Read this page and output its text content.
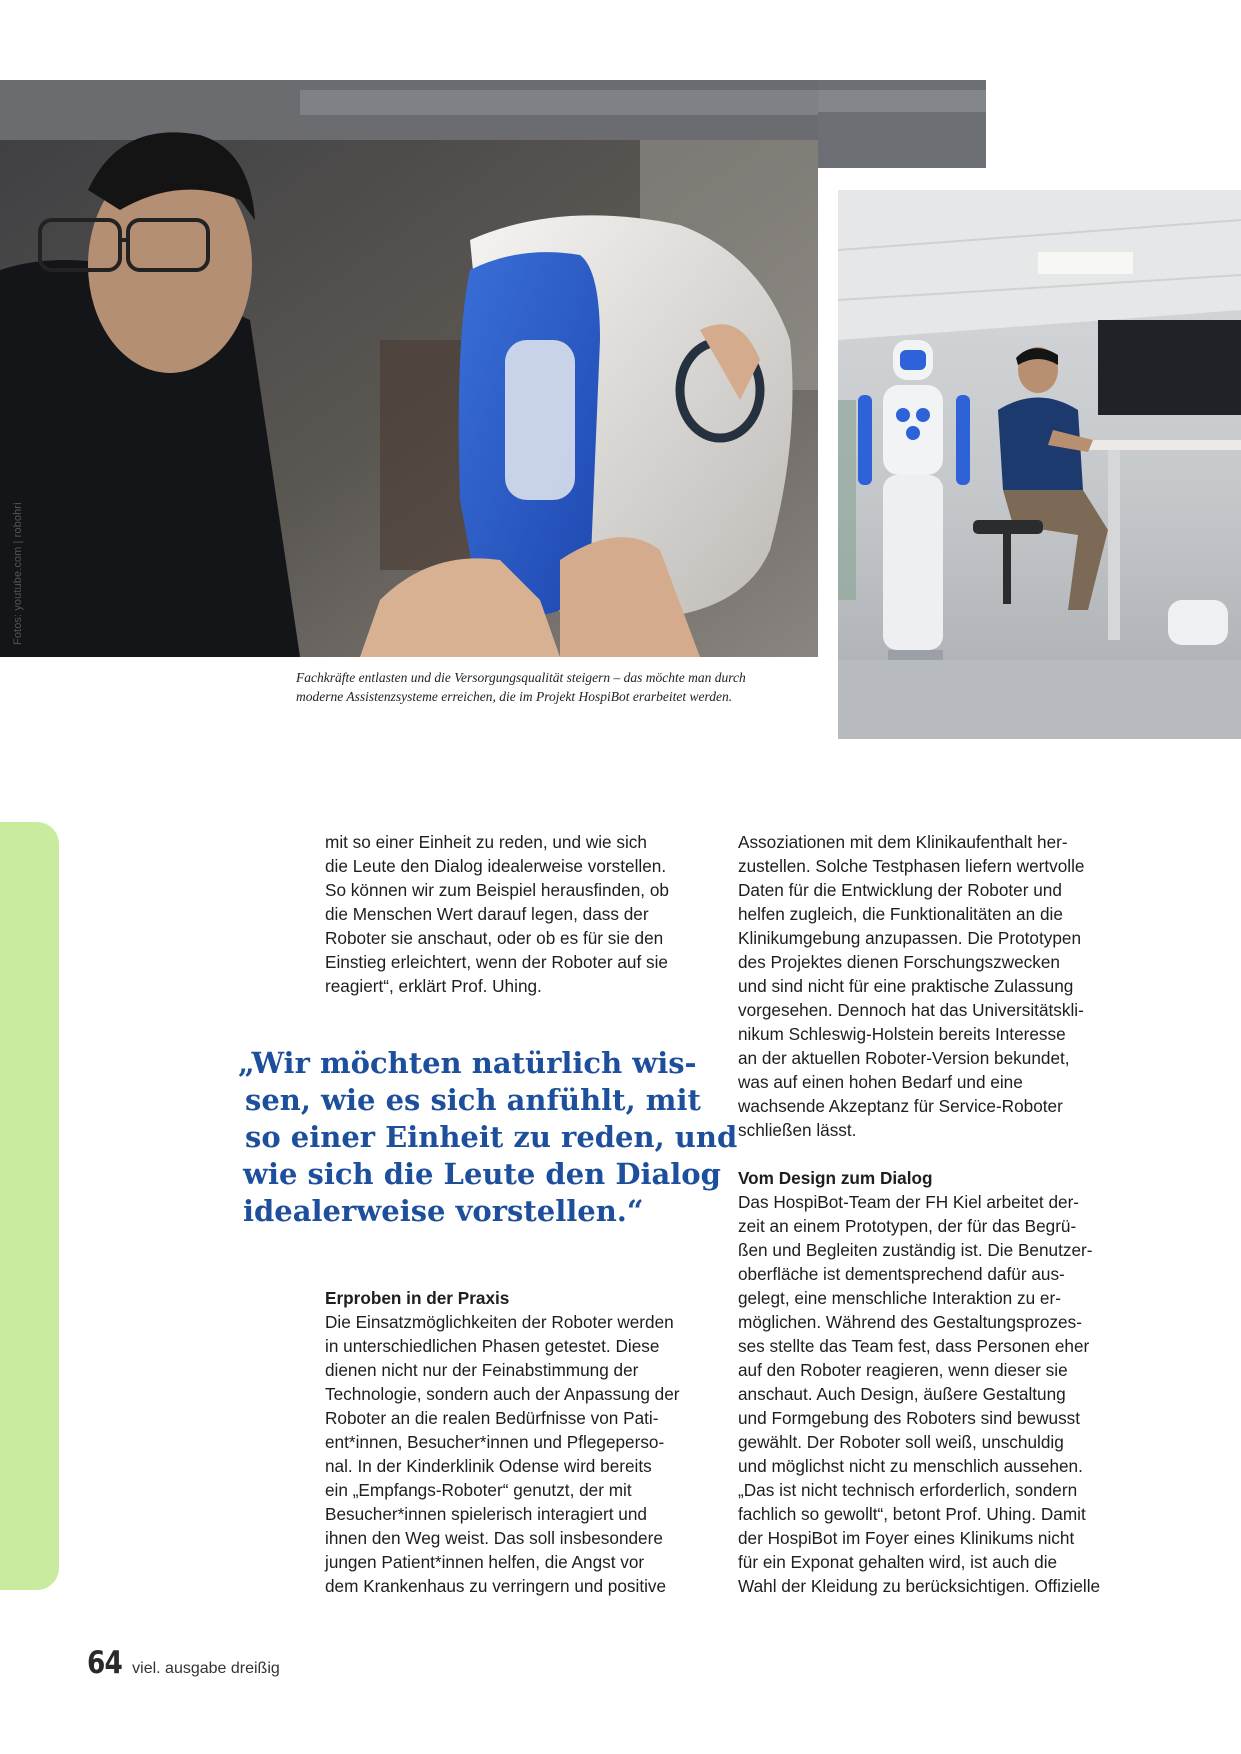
Fotos: youtube.com | robohri
Fachkräfte entlasten und die Versorgungsqualität steigern – das möchte man durch
moderne Assistenzsysteme erreichen, die im Projekt HospiBot erarbeitet werden.

mit so einer Einheit zu reden, und wie sich

die Leute den Dialog idealerweise vorstellen.

So können wir zum Beispiel herausfinden, ob

die Menschen Wert darauf legen, dass der

Roboter sie anschaut, oder ob es für sie den

Einstieg erleichtert, wenn der Roboter auf sie

reagiert“, erklärt Prof. Uhing.

„Wir möchten natürlich wis-

sen, wie es sich anfühlt, mit

so einer Einheit zu reden, und

wie sich die Leute den Dialog

idealerweise vorstellen.“

Erproben in der Praxis

Die Einsatzmöglichkeiten der Roboter werden

in unterschiedlichen Phasen getestet. Diese

dienen nicht nur der Feinabstimmung der

Technologie, sondern auch der Anpassung der

Roboter an die realen Bedürfnisse von Pati-

ent*innen, Besucher*innen und Pflegeperso-

nal. In der Kinderklinik Odense wird bereits

ein „Empfangs-Roboter“ genutzt, der mit

Besucher*innen spielerisch interagiert und

ihnen den Weg weist. Das soll insbesondere

jungen Patient*innen helfen, die Angst vor

dem Krankenhaus zu verringern und positive

Assoziationen mit dem Klinikaufenthalt her-

zustellen. Solche Testphasen liefern wertvolle

Daten für die Entwicklung der Roboter und

helfen zugleich, die Funktionalitäten an die

Klinikumgebung anzupassen. Die Prototypen

des Projektes dienen Forschungszwecken

und sind nicht für eine praktische Zulassung

vorgesehen. Dennoch hat das Universitätskli-

nikum Schleswig-Holstein bereits Interesse

an der aktuellen Roboter-Version bekundet,

was auf einen hohen Bedarf und eine

wachsende Akzeptanz für Service-Roboter

schließen lässt.

Vom Design zum Dialog

Das HospiBot-Team der FH Kiel arbeitet der-

zeit an einem Prototypen, der für das Begrü-

ßen und Begleiten zuständig ist. Die Benutzer-

oberfläche ist dementsprechend dafür aus-

gelegt, eine menschliche Interaktion zu er-

möglichen. Während des Gestaltungsprozes-

ses stellte das Team fest, dass Personen eher

auf den Roboter reagieren, wenn dieser sie

anschaut. Auch Design, äußere Gestaltung

und Formgebung des Roboters sind bewusst

gewählt. Der Roboter soll weiß, unschuldig

und möglichst nicht zu menschlich aussehen.

„Das ist nicht technisch erforderlich, sondern

fachlich so gewollt“, betont Prof. Uhing. Damit

der HospiBot im Foyer eines Klinikums nicht

für ein Exponat gehalten wird, ist auch die

Wahl der Kleidung zu berücksichtigen. Offizielle

64 viel. ausgabe dreißig
